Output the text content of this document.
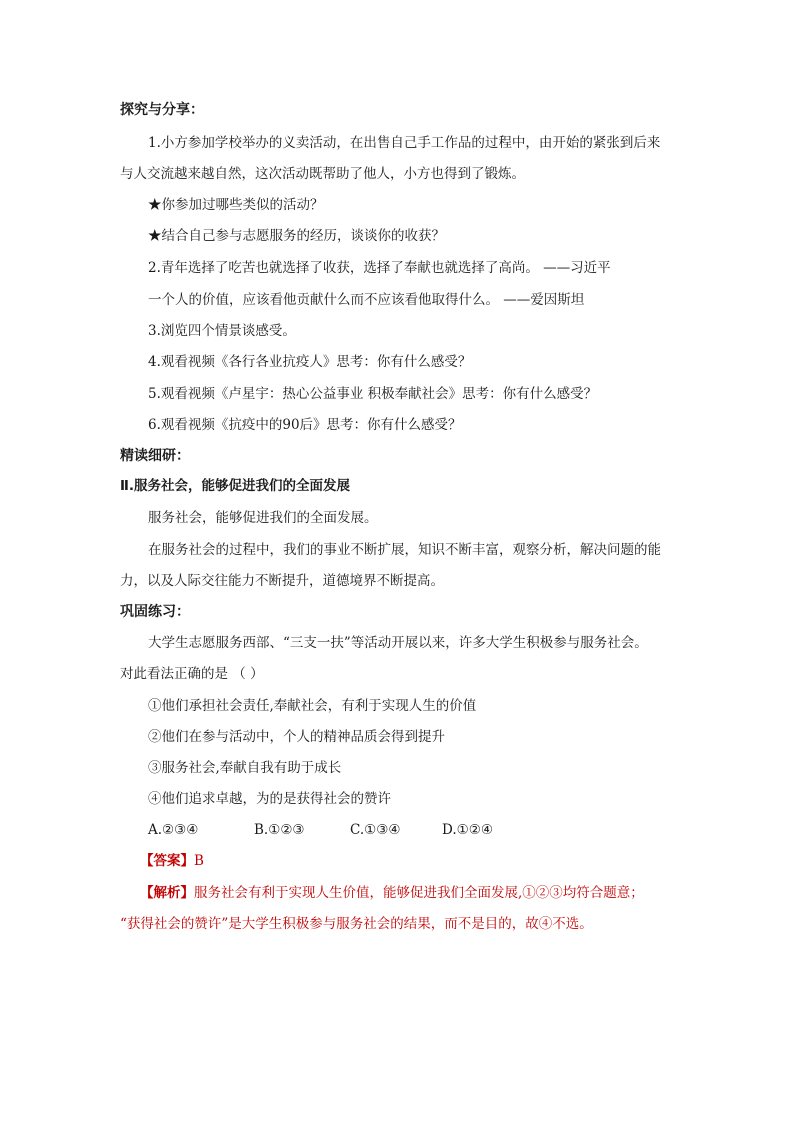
探究与分享：
1.小方参加学校举办的义卖活动，在出售自己手工作品的过程中，由开始的紧张到后来
与人交流越来越自然，这次活动既帮助了他人，小方也得到了锻炼。
★你参加过哪些类似的活动？
★结合自己参与志愿服务的经历，谈谈你的收获？
2.青年选择了吃苦也就选择了收获，选择了奉献也就选择了高尚。 ——习近平
一个人的价值，应该看他贡献什么而不应该看他取得什么。 ——爱因斯坦
3.浏览四个情景谈感受。
4.观看视频《各行各业抗疫人》思考：你有什么感受？
5.观看视频《卢星宇：热心公益事业 积极奉献社会》思考：你有什么感受？
6.观看视频《抗疫中的90后》思考：你有什么感受？
精读细研：
Ⅱ.服务社会，能够促进我们的全面发展
服务社会，能够促进我们的全面发展。
在服务社会的过程中，我们的事业不断扩展，知识不断丰富，观察分析，解决问题的能
力，以及人际交往能力不断提升，道德境界不断提高。
巩固练习：
大学生志愿服务西部、“三支一扶”等活动开展以来，许多大学生积极参与服务社会。
对此看法正确的是 （ ）
①他们承担社会责任,奉献社会，有利于实现人生的价值
②他们在参与活动中，个人的精神品质会得到提升
③服务社会,奉献自我有助于成长
④他们追求卓越，为的是获得社会的赞许
A.②③④	B.①②③	C.①③④	D.①②④
【答案】B
【解析】服务社会有利于实现人生价值，能够促进我们全面发展,①②③均符合题意；
“获得社会的赞许”是大学生积极参与服务社会的结果，而不是目的，故④不选。
